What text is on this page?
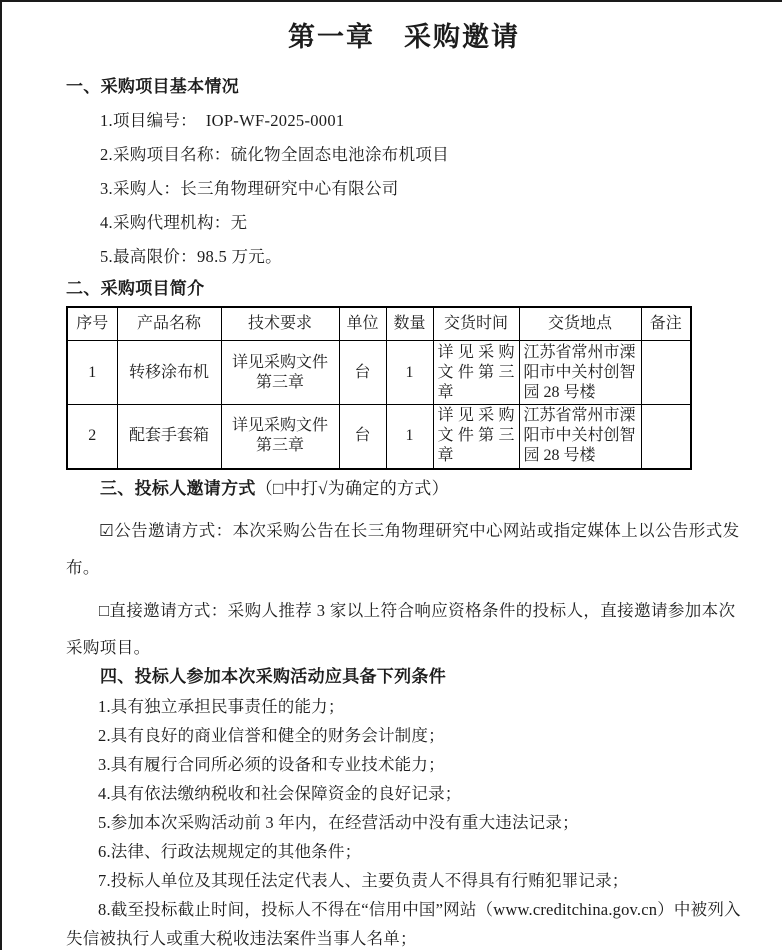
第一章　采购邀请
一、采购项目基本情况

1.项目编号：  IOP-WF-2025-0001

2.采购项目名称：硫化物全固态电池涂布机项目

3.采购人：长三角物理研究中心有限公司

4.采购代理机构：无

5.最高限价：98.5 万元。

二、采购项目简介
序号	产品名称	技术要求	单位	数量	交货时间	交货地点	备注
1	转移涂布机	详见采购文件第三章	台	1	详见采购文件第三章	江苏省常州市溧阳市中关村创智园 28 号楼	
2	配套手套箱	详见采购文件第三章	台	1	详见采购文件第三章	江苏省常州市溧阳市中关村创智园 28 号楼	
三、投标人邀请方式（□中打√为确定的方式）

☑公告邀请方式：本次采购公告在长三角物理研究中心网站或指定媒体上以公告形式发布。

□直接邀请方式：采购人推荐 3 家以上符合响应资格条件的投标人，直接邀请参加本次采购项目。

四、投标人参加本次采购活动应具备下列条件

1.具有独立承担民事责任的能力；

2.具有良好的商业信誉和健全的财务会计制度；

3.具有履行合同所必须的设备和专业技术能力；

4.具有依法缴纳税收和社会保障资金的良好记录；

5.参加本次采购活动前 3 年内，在经营活动中没有重大违法记录；

6.法律、行政法规规定的其他条件；

7.投标人单位及其现任法定代表人、主要负责人不得具有行贿犯罪记录；

8.截至投标截止时间，投标人不得在“信用中国”网站（www.creditchina.gov.cn）中被列入失信被执行人或重大税收违法案件当事人名单；
